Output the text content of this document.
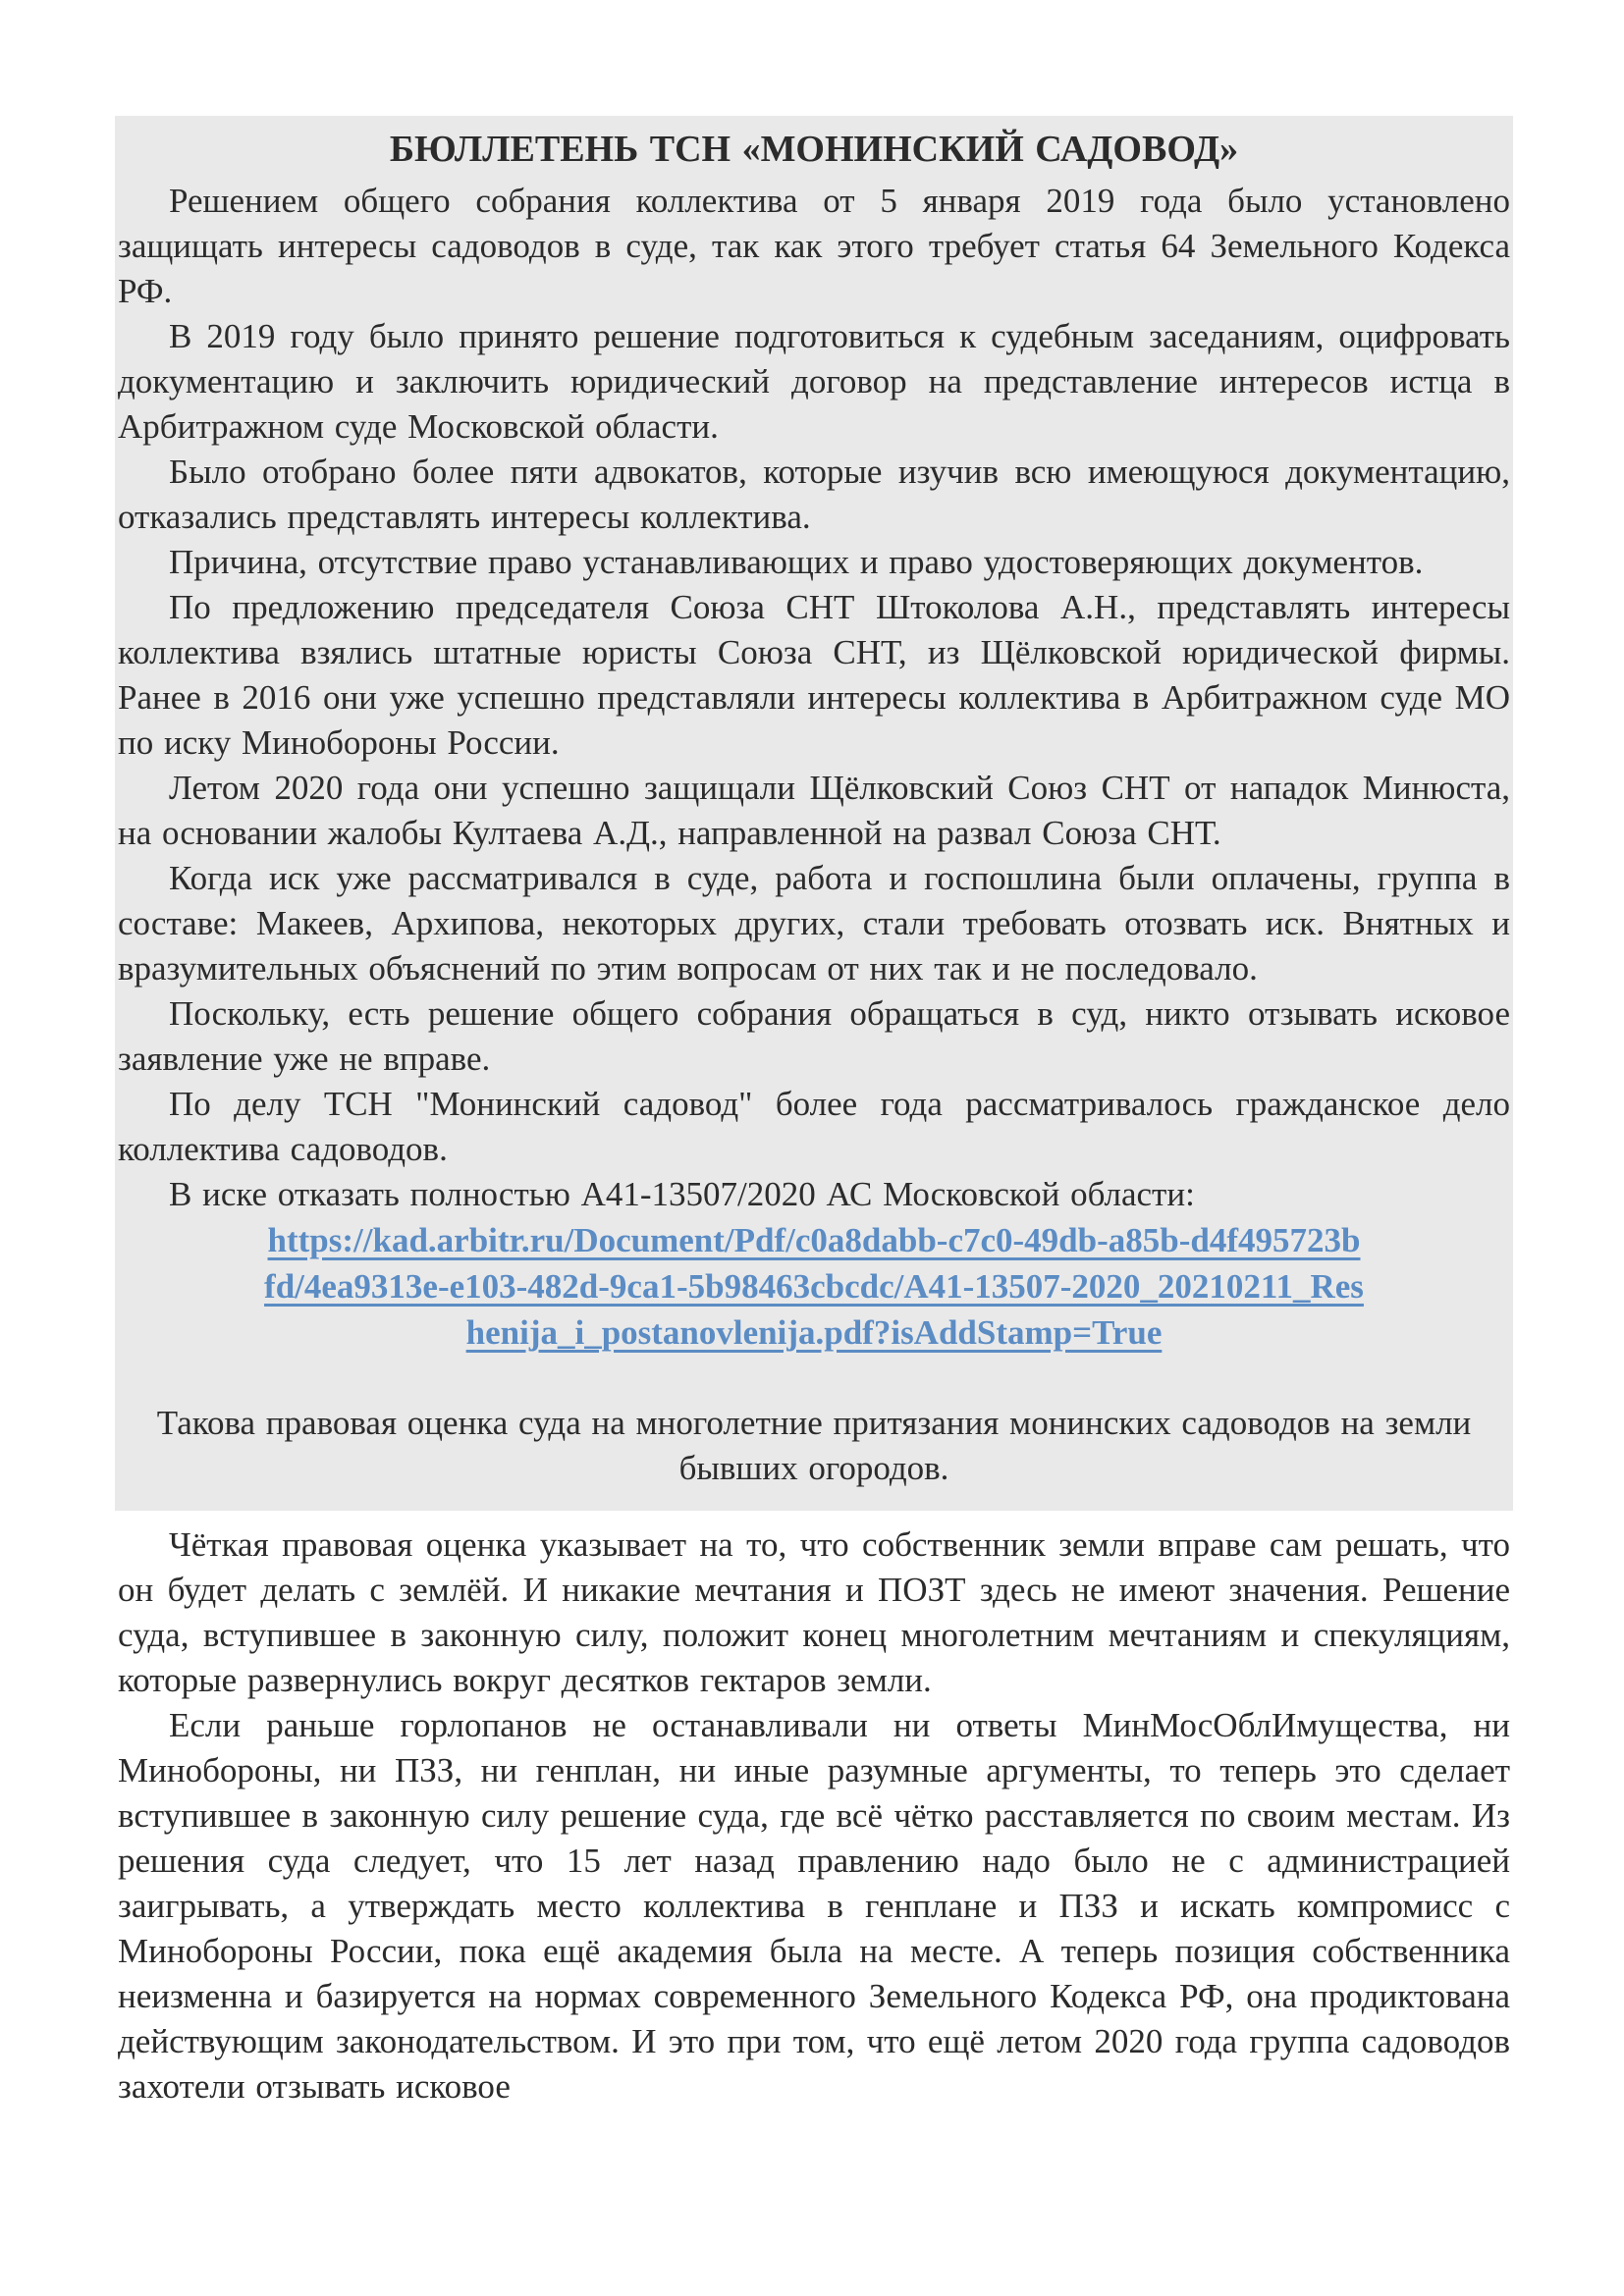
БЮЛЛЕТЕНЬ ТСН «МОНИНСКИЙ САДОВОД»

Решением общего собрания коллектива от 5 января 2019 года было установлено защищать интересы садоводов в суде, так как этого требует статья 64 Земельного Кодекса РФ.

В 2019 году было принято решение подготовиться к судебным заседаниям, оцифровать документацию и заключить юридический договор на представление интересов истца в Арбитражном суде Московской области.

Было отобрано более пяти адвокатов, которые изучив всю имеющуюся документацию, отказались представлять интересы коллектива.

Причина, отсутствие право устанавливающих и право удостоверяющих документов.

По предложению председателя Союза СНТ Штоколова А.Н., представлять интересы коллектива взялись штатные юристы Союза СНТ, из Щёлковской юридической фирмы. Ранее в 2016 они уже успешно представляли интересы коллектива в Арбитражном суде МО по иску Минобороны России.

Летом 2020 года они успешно защищали Щёлковский Союз СНТ от нападок Минюста, на основании жалобы Култаева А.Д., направленной на развал Союза СНТ.

Когда иск уже рассматривался в суде, работа и госпошлина были оплачены, группа в составе: Макеев, Архипова, некоторых других, стали требовать отозвать иск. Внятных и вразумительных объяснений по этим вопросам от них так и не последовало.

Поскольку, есть решение общего собрания обращаться в суд, никто отзывать исковое заявление уже не вправе.

По делу ТСН "Монинский садовод" более года рассматривалось гражданское дело коллектива садоводов.

В иске отказать полностью А41-13507/2020 АС Московской области:

https://kad.arbitr.ru/Document/Pdf/c0a8dabb-c7c0-49db-a85b-d4f495723bfd/4ea9313e-e103-482d-9ca1-5b98463cbcdc/A41-13507-2020_20210211_Reshenija_i_postanovlenija.pdf?isAddStamp=True

Такова правовая оценка суда на многолетние притязания монинских садоводов на земли бывших огородов.

Чёткая правовая оценка указывает на то, что собственник земли вправе сам решать, что он будет делать с землёй. И никакие мечтания и ПОЗТ здесь не имеют значения. Решение суда, вступившее в законную силу, положит конец многолетним мечтаниям и спекуляциям, которые развернулись вокруг десятков гектаров земли.

Если раньше горлопанов не останавливали ни ответы МинМосОблИмущества, ни Минобороны, ни ПЗЗ, ни генплан, ни иные разумные аргументы, то теперь это сделает вступившее в законную силу решение суда, где всё чётко расставляется по своим местам. Из решения суда следует, что 15 лет назад правлению надо было не с администрацией заигрывать, а утверждать место коллектива в генплане и ПЗЗ и искать компромисс с Минобороны России, пока ещё академия была на месте. А теперь позиция собственника неизменна и базируется на нормах современного Земельного Кодекса РФ, она продиктована действующим законодательством. И это при том, что ещё летом 2020 года группа садоводов захотели отзывать исковое
